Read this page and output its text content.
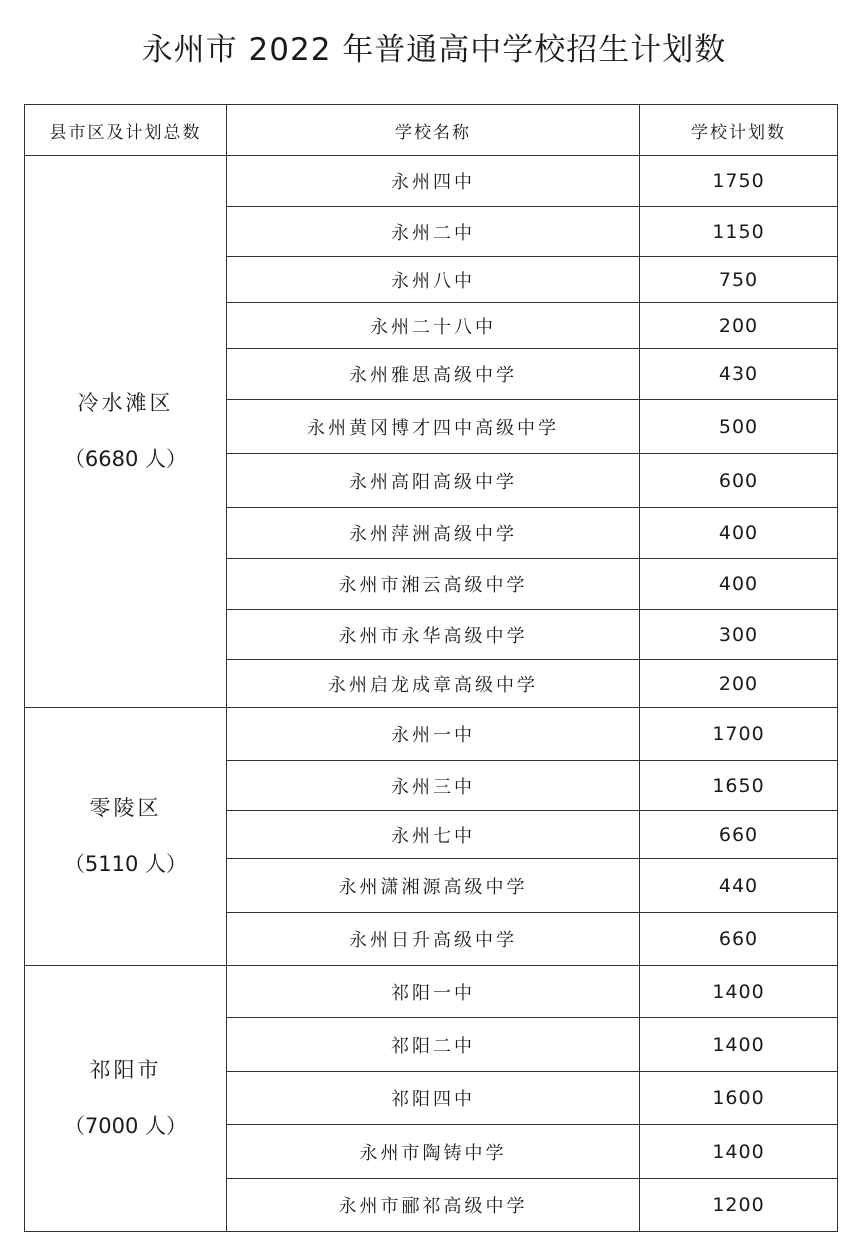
永州市 2022 年普通高中学校招生计划数
县市区及计划总数	学校名称	学校计划数

冷水滩区
（6680 人）	永州四中	1750
	永州二中	1150
	永州八中	750
	永州二十八中	200
	永州雅思高级中学	430
	永州黄冈博才四中高级中学	500
	永州高阳高级中学	600
	永州萍洲高级中学	400
	永州市湘云高级中学	400
	永州市永华高级中学	300
	永州启龙成章高级中学	200

零陵区
（5110 人）	永州一中	1700
	永州三中	1650
	永州七中	660
	永州潇湘源高级中学	440
	永州日升高级中学	660

祁阳市
（7000 人）	祁阳一中	1400
	祁阳二中	1400
	祁阳四中	1600
	永州市陶铸中学	1400
	永州市郦祁高级中学	1200
